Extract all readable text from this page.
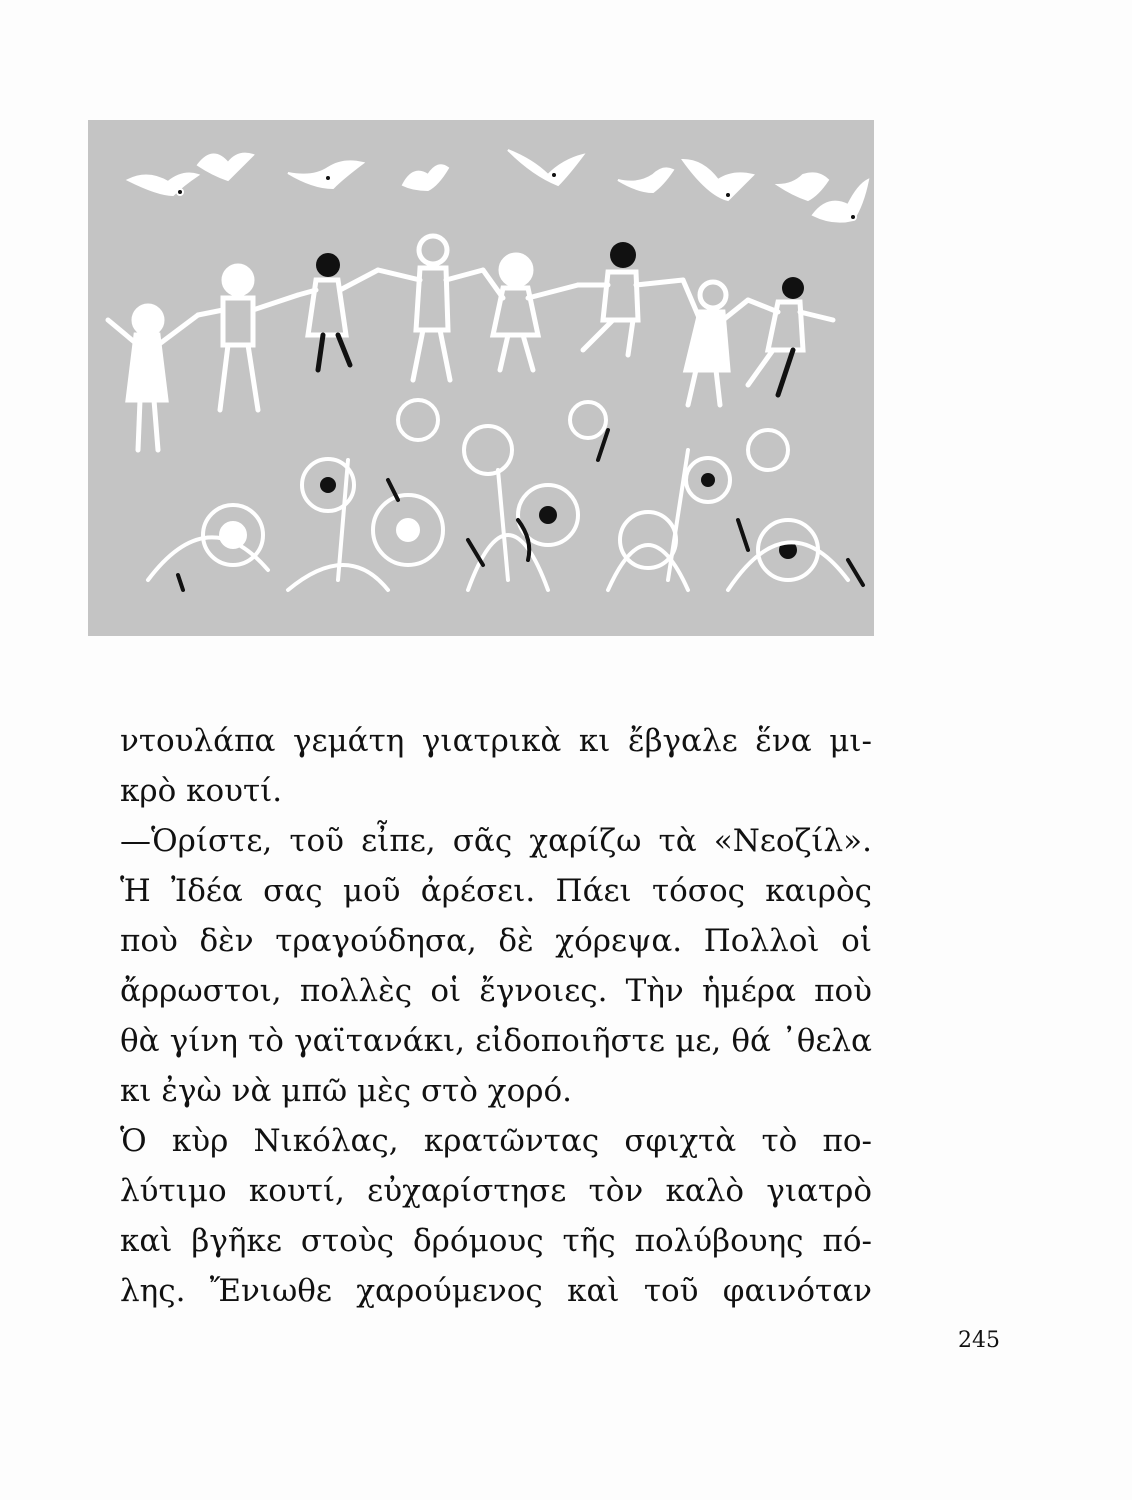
ντουλάπα γεμάτη γιατρικὰ κι ἔβγαλε ἕνα μι-
κρὸ κουτί.
—Ὁρίστε, τοῦ εἶπε, σᾶς χαρίζω τὰ «Νεοζίλ».
Ἡ Ἰδέα σας μοῦ ἀρέσει. Πάει τόσος καιρὸς
ποὺ δὲν τραγούδησα, δὲ χόρεψα. Πολλοὶ οἱ
ἄρρωστοι, πολλὲς οἱ ἔγνοιες. Τὴν ἡμέρα ποὺ
θὰ γίνη τὸ γαϊτανάκι, εἰδοποιῆστε με, θά ᾽θελα
κι ἐγὼ νὰ μπῶ μὲς στὸ χορό.
Ὁ κὺρ Νικόλας, κρατῶντας σφιχτὰ τὸ πο-
λύτιμο κουτί, εὐχαρίστησε τὸν καλὸ γιατρὸ
καὶ βγῆκε στοὺς δρόμους τῆς πολύβουης πό-
λης. Ἔνιωθε χαρούμενος καὶ τοῦ φαινόταν
245
